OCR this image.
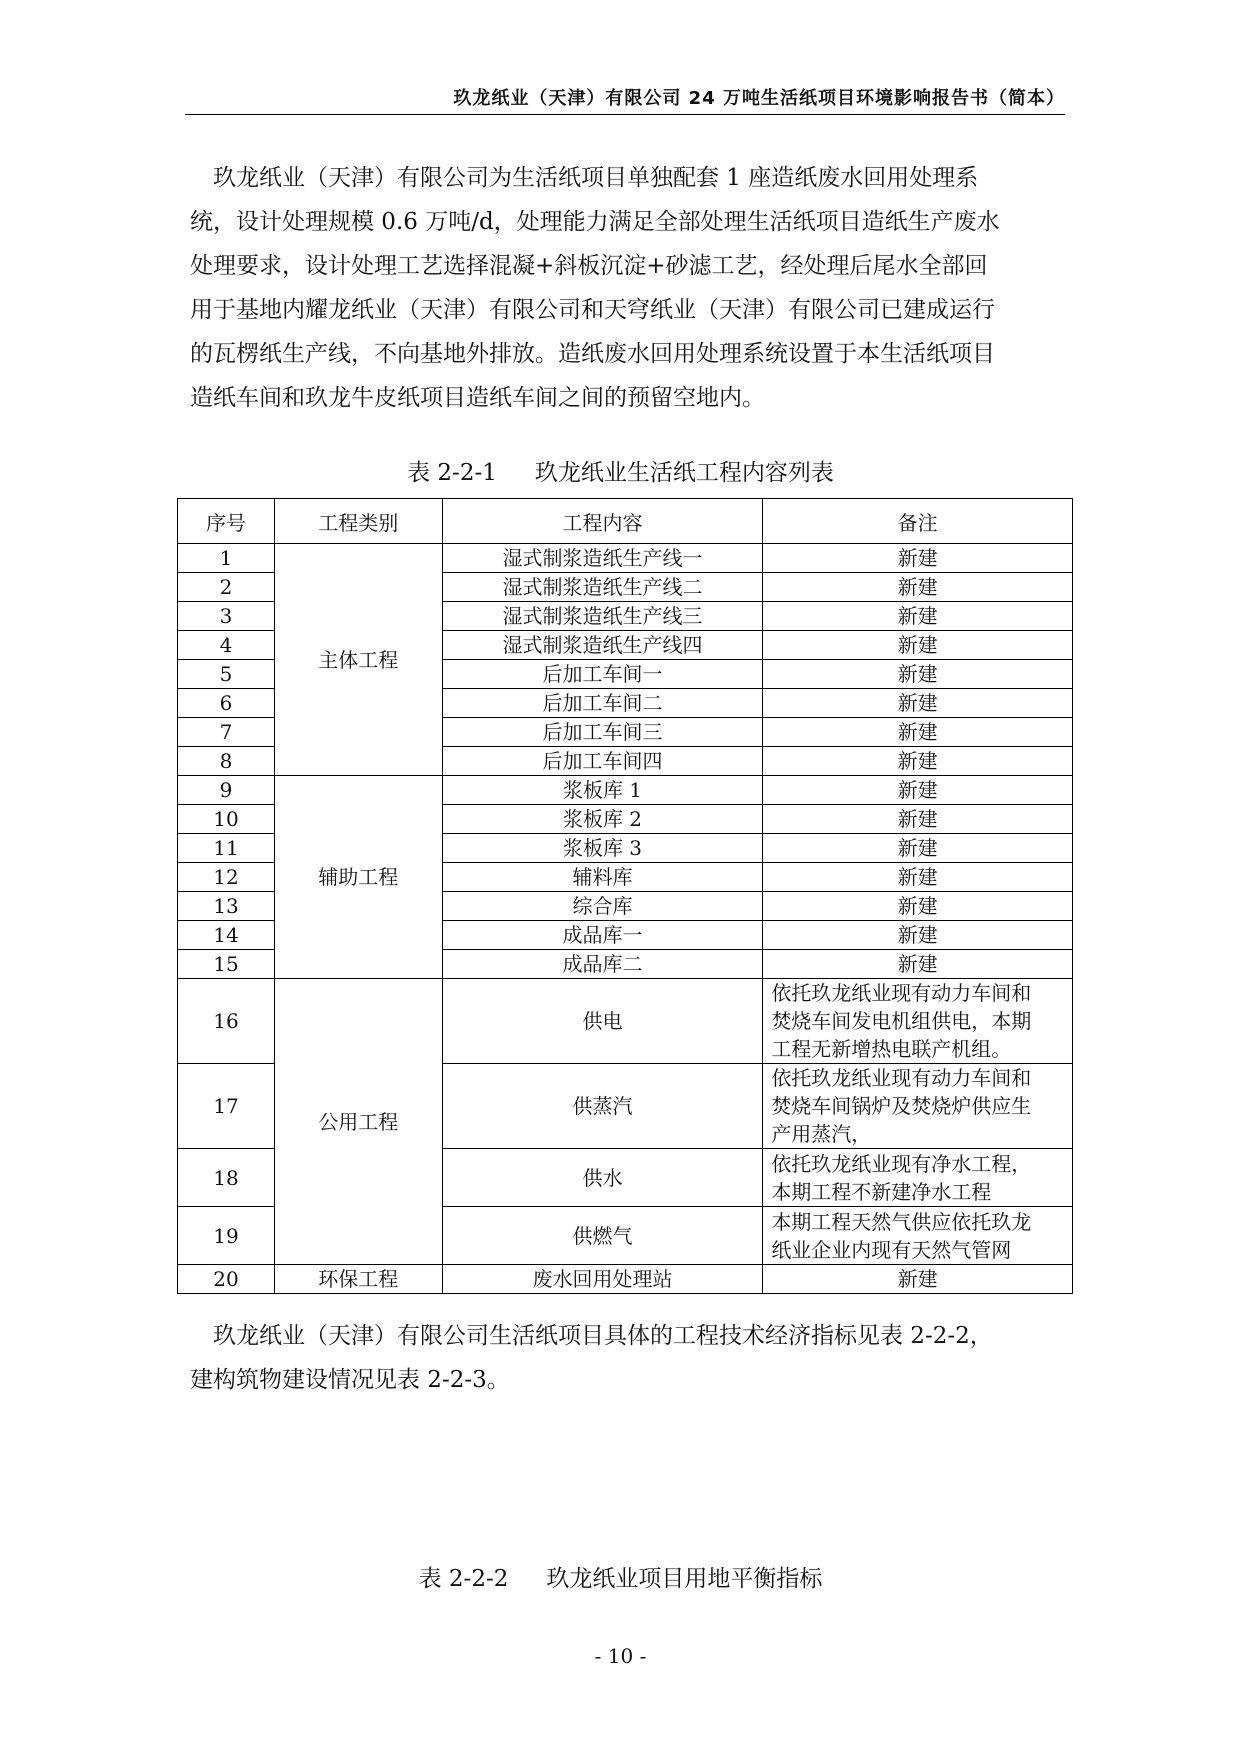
玖龙纸业（天津）有限公司 24 万吨生活纸项目环境影响报告书（简本）

　玖龙纸业（天津）有限公司为生活纸项目单独配套 1 座造纸废水回用处理系
统，设计处理规模 0.6 万吨/d，处理能力满足全部处理生活纸项目造纸生产废水
处理要求，设计处理工艺选择混凝+斜板沉淀+砂滤工艺，经处理后尾水全部回
用于基地内耀龙纸业（天津）有限公司和天穹纸业（天津）有限公司已建成运行
的瓦楞纸生产线，不向基地外排放。造纸废水回用处理系统设置于本生活纸项目
造纸车间和玖龙牛皮纸项目造纸车间之间的预留空地内。

表 2-2-1 玖龙纸业生活纸工程内容列表
序号	工程类别	工程内容	备注
1	主体工程	湿式制浆造纸生产线一	新建
2		湿式制浆造纸生产线二	新建
3		湿式制浆造纸生产线三	新建
4		湿式制浆造纸生产线四	新建
5		后加工车间一	新建
6		后加工车间二	新建
7		后加工车间三	新建
8		后加工车间四	新建
9	辅助工程	浆板库 1	新建
10		浆板库 2	新建
11		浆板库 3	新建
12		辅料库	新建
13		综合库	新建
14		成品库一	新建
15		成品库二	新建
16	公用工程	供电	依托玖龙纸业现有动力车间和
焚烧车间发电机组供电，本期
工程无新增热电联产机组。

17		供蒸汽	依托玖龙纸业现有动力车间和
焚烧车间锅炉及焚烧炉供应生
产用蒸汽，

18		供水	依托玖龙纸业现有净水工程，
本期工程不新建净水工程

19		供燃气	本期工程天然气供应依托玖龙
纸业企业内现有天然气管网

20	环保工程	废水回用处理站	新建

　玖龙纸业（天津）有限公司生活纸项目具体的工程技术经济指标见表 2-2-2，
建构筑物建设情况见表 2-2-3。

表 2-2-2 玖龙纸业项目用地平衡指标
- 10 -
